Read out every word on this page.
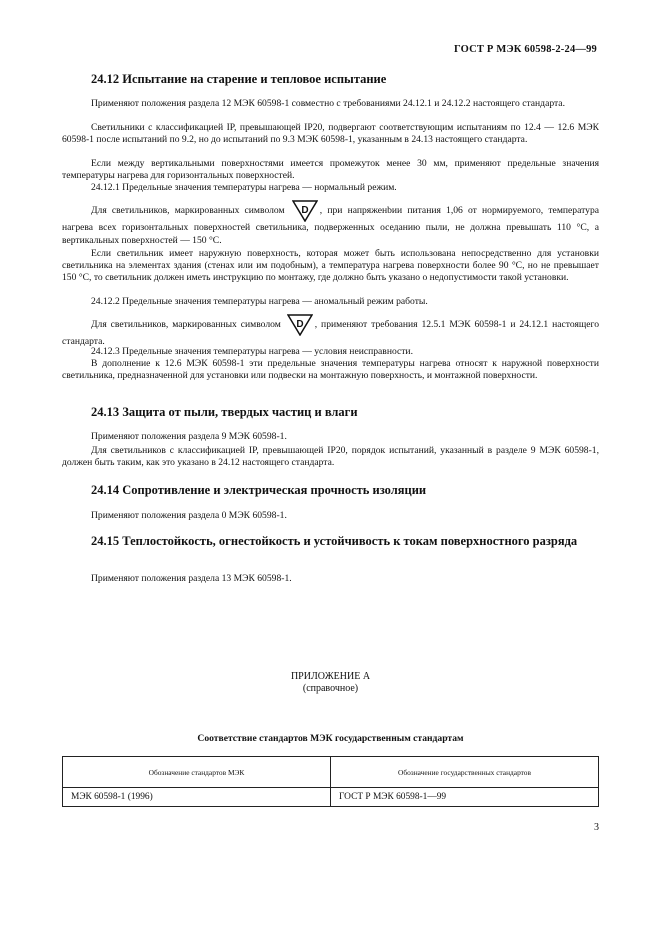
ГОСТ Р МЭК 60598-2-24—99
24.12 Испытание на старение и тепловое испытание

Применяют положения раздела 12 МЭК 60598-1 совместно с требованиями 24.12.1 и 24.12.2 настоящего стандарта.

Светильники с классификацией IP, превышающей IP20, подвергают соответствующим испытаниям по 12.4 — 12.6 МЭК 60598-1 после испытаний по 9.2, но до испытаний по 9.3 МЭК 60598-1, указанным в 24.13 настоящего стандарта.

Если между вертикальными поверхностями имеется промежуток менее 30 мм, применяют предельные значения температуры нагрева для горизонтальных поверхностей.

24.12.1 Предельные значения температуры нагрева — нормальный режим.

Для светильников, маркированных символом D , при напряженbии питания 1,06 от нормируемого, температура нагрева всех горизонтальных поверхностей светильника, подверженных оседанию пыли, не должна превышать 110 °С, а вертикальных поверхностей — 150 °С.

Если светильник имеет наружную поверхность, которая может быть использована непосредственно для установки светильника на элементах здания (стенах или им подобным), а температура нагрева поверхности более 90 °С, но не превышает 150 °С, то светильник должен иметь инструкцию по монтажу, где должно быть указано о недопустимости такой установки.

24.12.2 Предельные значения температуры нагрева — аномальный режим работы.

Для светильников, маркированных символом D , применяют требования 12.5.1 МЭК 60598-1 и 24.12.1 настоящего стандарта.

24.12.3 Предельные значения температуры нагрева — условия неисправности.

В дополнение к 12.6 МЭК 60598-1 эти предельные значения температуры нагрева относят к наружной поверхности светильника, предназначенной для установки или подвески на монтажную поверхность, и монтажной поверхности.

24.13 Защита от пыли, твердых частиц и влаги

Применяют положения раздела 9 МЭК 60598-1.

Для светильников с классификацией IP, превышающей IP20, порядок испытаний, указанный в разделе 9 МЭК 60598-1, должен быть таким, как это указано в 24.12 настоящего стандарта.

24.14 Сопротивление и электрическая прочность изоляции

Применяют положения раздела 0 МЭК 60598-1.

24.15 Теплостойкость, огнестойкость и устойчивость к токам поверхностного разряда

Применяют положения раздела 13 МЭК 60598-1.

ПРИЛОЖЕНИЕ А
(справочное)
Соответствие стандартов МЭК государственным стандартам
Обозначение стандартов МЭК	Обозначение государственных стандартов
МЭК 60598-1 (1996)	ГОСТ Р МЭК 60598-1—99
3
